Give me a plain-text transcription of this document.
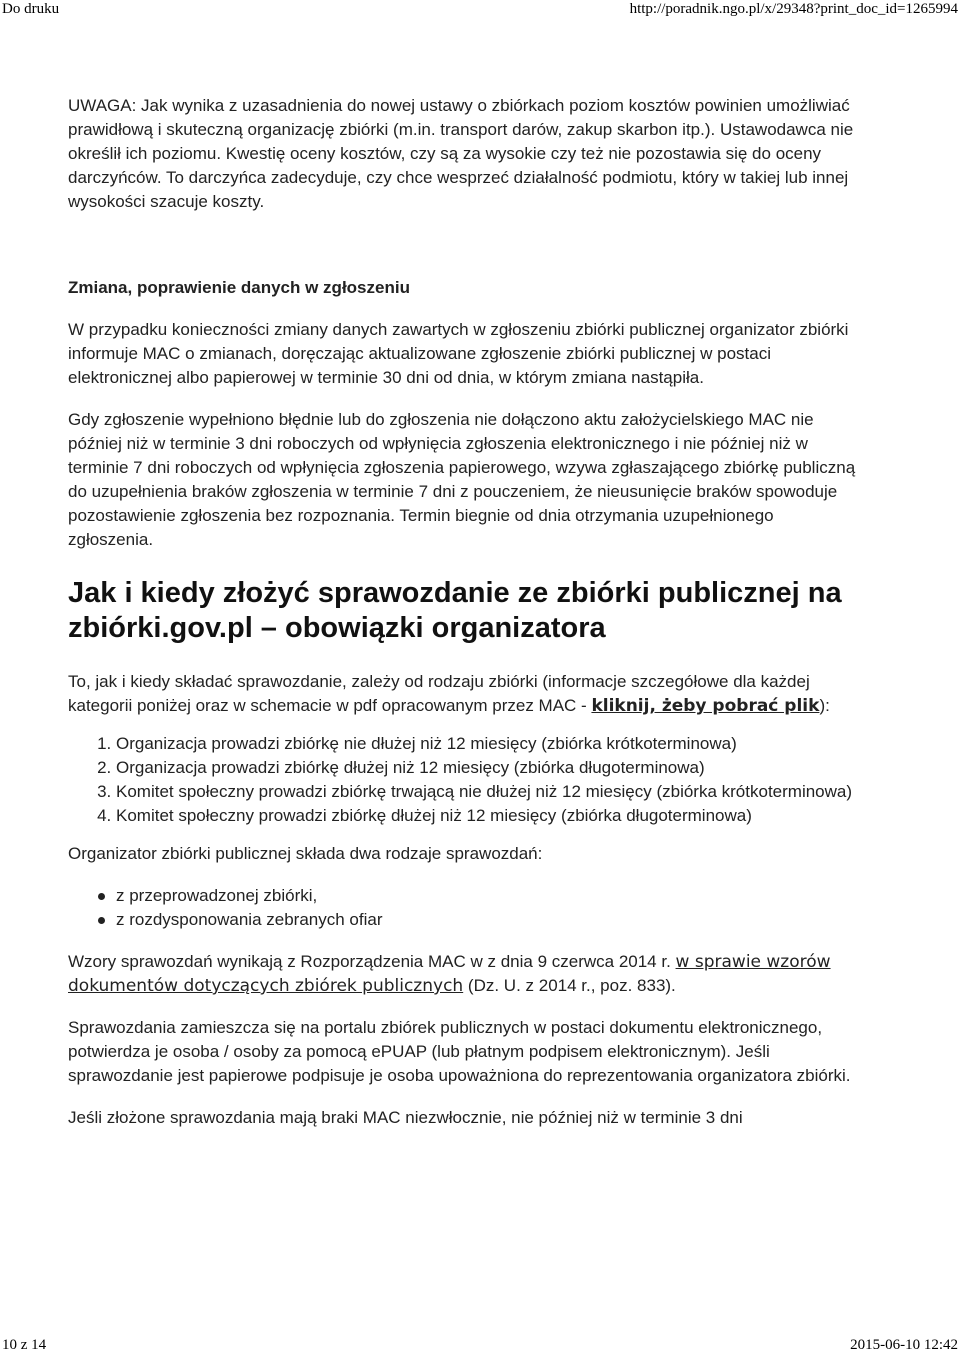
Do druku	http://poradnik.ngo.pl/x/29348?print_doc_id=1265994

UWAGA: Jak wynika z uzasadnienia do nowej ustawy o zbiórkach poziom kosztów powinien umożliwiać prawidłową i skuteczną organizację zbiórki (m.in. transport darów, zakup skarbon itp.). Ustawodawca nie określił ich poziomu. Kwestię oceny kosztów, czy są za wysokie czy też nie pozostawia się do oceny darczyńców. To darczyńca zadecyduje, czy chce wesprzeć działalność podmiotu, który w takiej lub innej wysokości szacuje koszty.

Zmiana, poprawienie danych w zgłoszeniu

W przypadku konieczności zmiany danych zawartych w zgłoszeniu zbiórki publicznej organizator zbiórki informuje MAC o zmianach, doręczając aktualizowane zgłoszenie zbiórki publicznej w postaci elektronicznej albo papierowej w terminie 30 dni od dnia, w którym zmiana nastąpiła.

Gdy zgłoszenie wypełniono błędnie lub do zgłoszenia nie dołączono aktu założycielskiego MAC nie później niż w terminie 3 dni roboczych od wpłynięcia zgłoszenia elektronicznego i nie później niż w terminie 7 dni roboczych od wpłynięcia zgłoszenia papierowego, wzywa zgłaszającego zbiórkę publiczną do uzupełnienia braków zgłoszenia w terminie 7 dni z pouczeniem, że nieusunięcie braków spowoduje pozostawienie zgłoszenia bez rozpoznania. Termin biegnie od dnia otrzymania uzupełnionego zgłoszenia.

Jak i kiedy złożyć sprawozdanie ze zbiórki publicznej na zbiórki.gov.pl – obowiązki organizatora

To, jak i kiedy składać sprawozdanie, zależy od rodzaju zbiórki (informacje szczegółowe dla każdej kategorii poniżej oraz w schemacie w pdf opracowanym przez MAC - kliknij, żeby pobrać plik):

1. Organizacja prowadzi zbiórkę nie dłużej niż 12 miesięcy (zbiórka krótkoterminowa)
2. Organizacja prowadzi zbiórkę dłużej niż 12 miesięcy (zbiórka długoterminowa)
3. Komitet społeczny prowadzi zbiórkę trwającą nie dłużej niż 12 miesięcy (zbiórka krótkoterminowa)
4. Komitet społeczny prowadzi zbiórkę dłużej niż 12 miesięcy (zbiórka długoterminowa)

Organizator zbiórki publicznej składa dwa rodzaje sprawozdań:

z przeprowadzonej zbiórki,
z rozdysponowania zebranych ofiar

Wzory sprawozdań wynikają z Rozporządzenia MAC w z dnia 9 czerwca 2014 r. w sprawie wzorów dokumentów dotyczących zbiórek publicznych (Dz. U. z 2014 r., poz. 833).

Sprawozdania zamieszcza się na portalu zbiórek publicznych w postaci dokumentu elektronicznego, potwierdza je osoba / osoby za pomocą ePUAP (lub płatnym podpisem elektronicznym). Jeśli sprawozdanie jest papierowe podpisuje je osoba upoważniona do reprezentowania organizatora zbiórki.

Jeśli złożone sprawozdania mają braki MAC niezwłocznie, nie później niż w terminie 3 dni

10 z 14	2015-06-10 12:42
